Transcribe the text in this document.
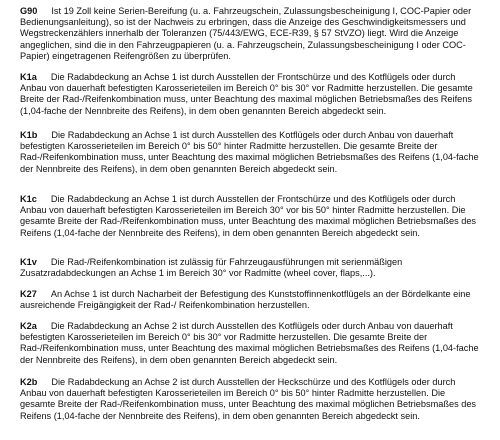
G90 Ist 19 Zoll keine Serien-Bereifung (u. a. Fahrzeugschein, Zulassungsbescheinigung I, COC-Papier oder Bedienungsanleitung), so ist der Nachweis zu erbringen, dass die Anzeige des Geschwindigkeitsmessers und Wegstreckenzählers innerhalb der Toleranzen (75/443/EWG, ECE-R39, § 57 StVZO) liegt. Wird die Anzeige angeglichen, sind die in den Fahrzeugpapieren (u. a. Fahrzeugschein, Zulassungsbescheinigung I oder COC-Papier) eingetragenen Reifengrößen zu überprüfen.

K1a Die Radabdeckung an Achse 1 ist durch Ausstellen der Frontschürze und des Kotflügels oder durch Anbau von dauerhaft befestigten Karosserieteilen im Bereich 0° bis 30° vor Radmitte herzustellen. Die gesamte Breite der Rad-/Reifenkombination muss, unter Beachtung des maximal möglichen Betriebsmaßes des Reifens (1,04-fache der Nennbreite des Reifens), in dem oben genannten Bereich abgedeckt sein.

K1b Die Radabdeckung an Achse 1 ist durch Ausstellen des Kotflügels oder durch Anbau von dauerhaft befestigten Karosserieteilen im Bereich 0° bis 50° hinter Radmitte herzustellen. Die gesamte Breite der Rad-/Reifenkombination muss, unter Beachtung des maximal möglichen Betriebsmaßes des Reifens (1,04-fache der Nennbreite des Reifens), in dem oben genannten Bereich abgedeckt sein.

K1c Die Radabdeckung an Achse 1 ist durch Ausstellen der Frontschürze und des Kotflügels oder durch Anbau von dauerhaft befestigten Karosserieteilen im Bereich 30° vor bis 50° hinter Radmitte herzustellen. Die gesamte Breite der Rad-/Reifenkombination muss, unter Beachtung des maximal möglichen Betriebsmaßes des Reifens (1,04-fache der Nennbreite des Reifens), in dem oben genannten Bereich abgedeckt sein.

K1v Die Rad-/Reifenkombination ist zulässig für Fahrzeugausführungen mit serienmäßigen Zusatzradabdeckungen an Achse 1 im Bereich 30° vor Radmitte (wheel cover, flaps,...).

K27 An Achse 1 ist durch Nacharbeit der Befestigung des Kunststoffinnenkotflügels an der Bördelkante eine ausreichende Freigängigkeit der Rad-/ Reifenkombination herzustellen.

K2a Die Radabdeckung an Achse 2 ist durch Ausstellen des Kotflügels oder durch Anbau von dauerhaft befestigten Karosserieteilen im Bereich 0° bis 30° vor Radmitte herzustellen. Die gesamte Breite der Rad-/Reifenkombination muss, unter Beachtung des maximal möglichen Betriebsmaßes des Reifens (1,04-fache der Nennbreite des Reifens), in dem oben genannten Bereich abgedeckt sein.

K2b Die Radabdeckung an Achse 2 ist durch Ausstellen der Heckschürze und des Kotflügels oder durch Anbau von dauerhaft befestigten Karosserieteilen im Bereich 0° bis 50° hinter Radmitte herzustellen. Die gesamte Breite der Rad-/Reifenkombination muss, unter Beachtung des maximal möglichen Betriebsmaßes des Reifens (1,04-fache der Nennbreite des Reifens), in dem oben genannten Bereich abgedeckt sein.
